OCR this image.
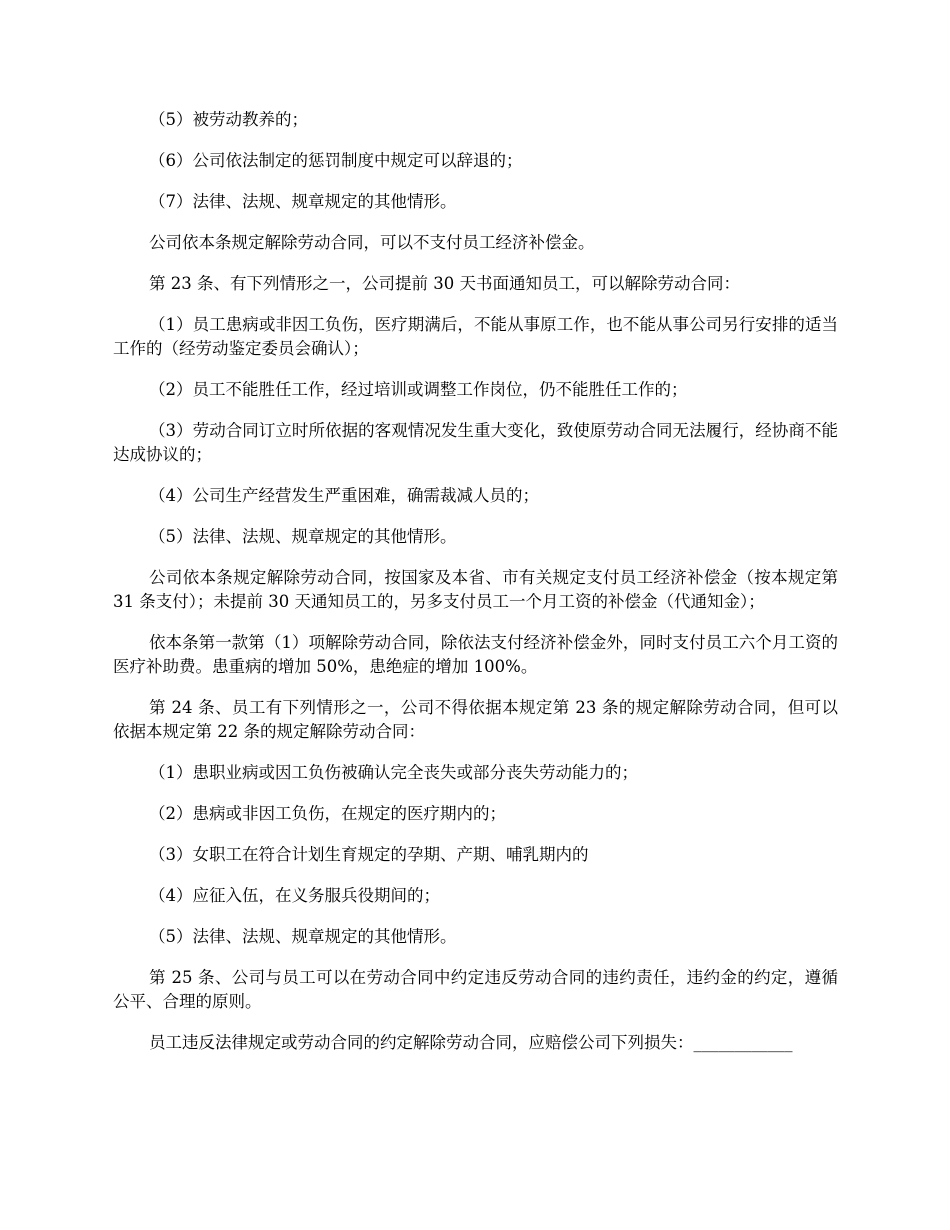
（5）被劳动教养的；

（6）公司依法制定的惩罚制度中规定可以辞退的；

（7）法律、法规、规章规定的其他情形。

公司依本条规定解除劳动合同，可以不支付员工经济补偿金。

第 23 条、有下列情形之一，公司提前 30 天书面通知员工，可以解除劳动合同：

（1）员工患病或非因工负伤，医疗期满后，不能从事原工作，也不能从事公司另行安排的适当工作的（经劳动鉴定委员会确认）；

（2）员工不能胜任工作，经过培训或调整工作岗位，仍不能胜任工作的；

（3）劳动合同订立时所依据的客观情况发生重大变化，致使原劳动合同无法履行，经协商不能达成协议的；

（4）公司生产经营发生严重困难，确需裁减人员的；

（5）法律、法规、规章规定的其他情形。

公司依本条规定解除劳动合同，按国家及本省、市有关规定支付员工经济补偿金（按本规定第 31 条支付）；未提前 30 天通知员工的，另多支付员工一个月工资的补偿金（代通知金）；

依本条第一款第（1）项解除劳动合同，除依法支付经济补偿金外，同时支付员工六个月工资的医疗补助费。患重病的增加 50%，患绝症的增加 100%。

第 24 条、员工有下列情形之一，公司不得依据本规定第 23 条的规定解除劳动合同，但可以依据本规定第 22 条的规定解除劳动合同：

（1）患职业病或因工负伤被确认完全丧失或部分丧失劳动能力的；

（2）患病或非因工负伤，在规定的医疗期内的；

（3）女职工在符合计划生育规定的孕期、产期、哺乳期内的

（4）应征入伍，在义务服兵役期间的；

（5）法律、法规、规章规定的其他情形。

第 25 条、公司与员工可以在劳动合同中约定违反劳动合同的违约责任，违约金的约定，遵循公平、合理的原则。

员工违反法律规定或劳动合同的约定解除劳动合同，应赔偿公司下列损失：____________
